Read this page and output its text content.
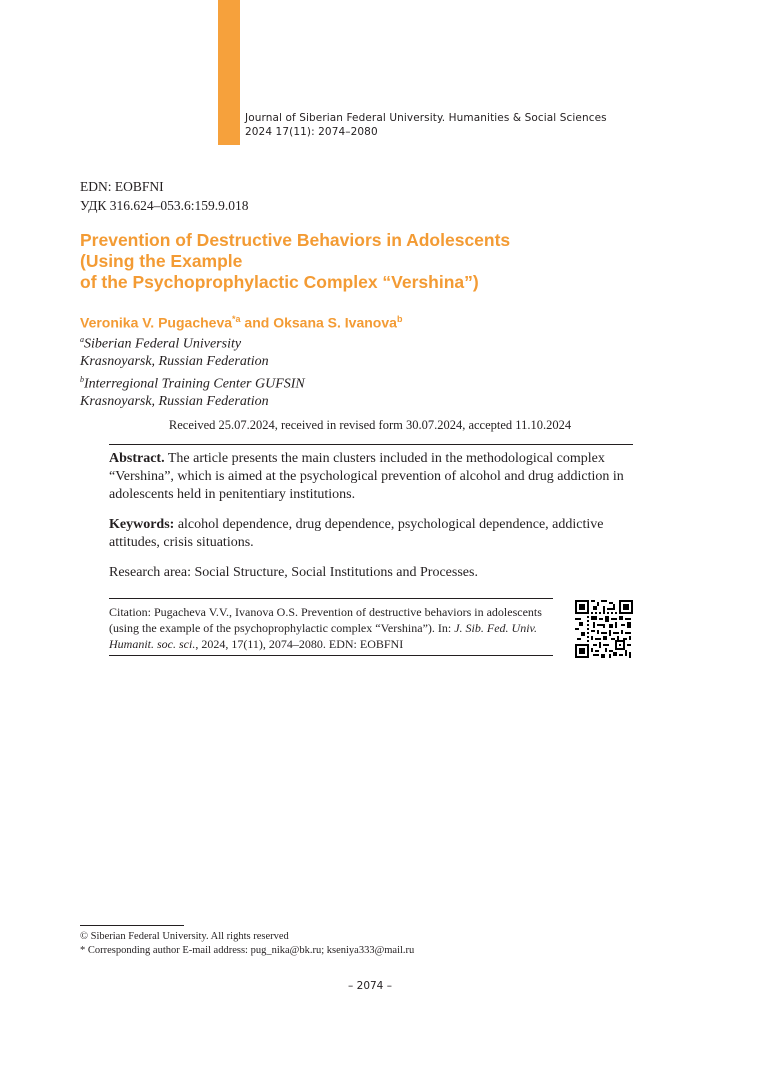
Journal of Siberian Federal University. Humanities & Social Sciences
2024 17(11): 2074–2080
EDN: EOBFNI
УДК 316.624–053.6:159.9.018
Prevention of Destructive Behaviors in Adolescents
(Using the Example
of the Psychoprophylactic Complex “Vershina”)
Veronika V. Pugacheva$^{*a}$ and Oksana S. Ivanova$^b$
$^a$Siberian Federal University
Krasnoyarsk, Russian Federation
$^b$Interregional Training Center GUFSIN
Krasnoyarsk, Russian Federation
Received 25.07.2024, received in revised form 30.07.2024, accepted 11.10.2024

Abstract. The article presents the main clusters included in the methodological complex “Vershina”, which is aimed at the psychological prevention of alcohol and drug addiction in adolescents held in penitentiary institutions.

Keywords: alcohol dependence, drug dependence, psychological dependence, addictive attitudes, crisis situations.

Research area: Social Structure, Social Institutions and Processes.

Citation: Pugacheva V.V., Ivanova O.S. Prevention of destructive behaviors in adolescents (using the example of the psychoprophylactic complex “Vershina”). In: J. Sib. Fed. Univ. Humanit. soc. sci., 2024, 17(11), 2074–2080. EDN: EOBFNI

© Siberian Federal University. All rights reserved
* Corresponding author E-mail address: pug_nika@bk.ru; kseniya333@mail.ru
– 2074 –
